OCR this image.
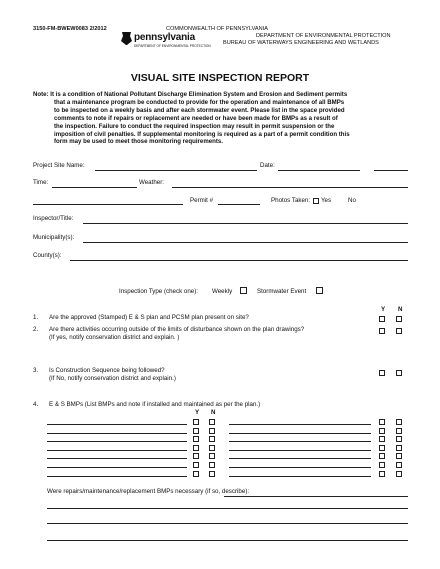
3150-FM-BWEW0083 2/2012	COMMONWEALTH OF PENNSYLVANIA
DEPARTMENT OF ENVIRONMENTAL PROTECTION
BUREAU OF WATERWAYS ENGINEERING AND WETLANDS
pennsylvania
DEPARTMENT OF ENVIRONMENTAL PROTECTION
VISUAL SITE INSPECTION REPORT
Note: It is a condition of National Pollutant Discharge Elimination System and Erosion and Sediment permits
that a maintenance program be conducted to provide for the operation and maintenance of all BMPs
to be inspected on a weekly basis and after each stormwater event. Please list in the space provided
comments to note if repairs or replacement are needed or have been made for BMPs as a result of
the inspection. Failure to conduct the required inspection may result in permit suspension or the
imposition of civil penalties. If supplemental monitoring is required as a part of a permit condition this
form may be used to meet those monitoring requirements.
Project Site Name:	Date:
Time:	Weather:
Permit #	Photos Taken: Yes	No
Inspector/Title:
Municipality(s):
County(s):
Inspection Type (check one): Weekly	Stormwater Event
Y N
1. Are the approved (Stamped) E & S plan and PCSM plan present on site?
2. Are there activities occurring outside of the limits of disturbance shown on the plan drawings?
(If yes, notify conservation district and explain. )
3. Is Construction Sequence being followed?
(If No, notify conservation district and explain.)
4. E & S BMPs (List BMPs and note if installed and maintained as per the plan.)
Y N
Were repairs/maintenance/replacement BMPs necessary (if so, describe):
